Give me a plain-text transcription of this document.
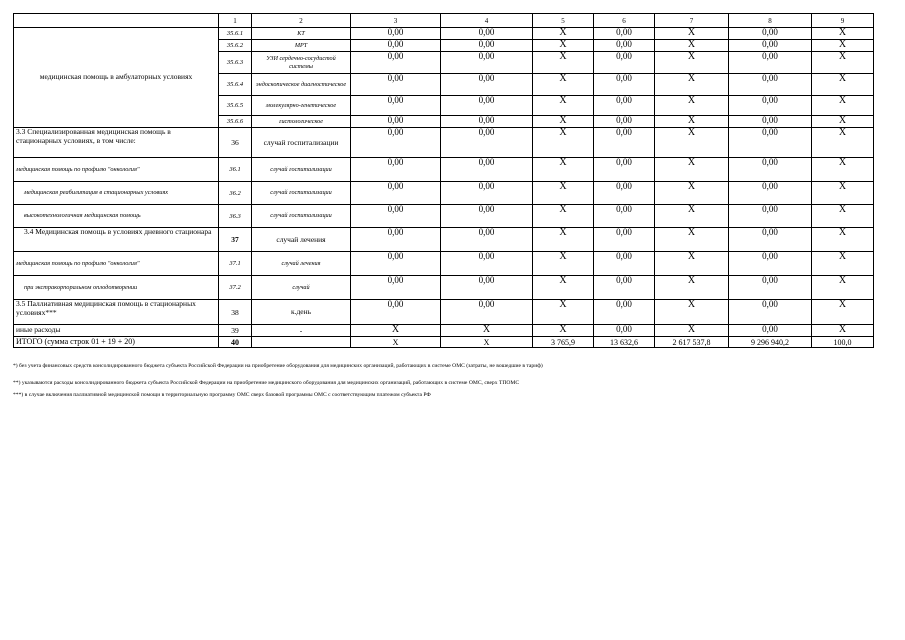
	1	2	3	4	5	6	7	8	9
медицинская помощь в амбулаторных условиях	35.6.1	КТ	0,00	0,00	X	0,00	X	0,00	X
	35.6.2	МРТ	0,00	0,00	X	0,00	X	0,00	X
	35.6.3	УЗИ сердечно-сосудистой системы	0,00	0,00	X	0,00	X	0,00	X
	35.6.4	эндоскопическое диагностическое	0,00	0,00	X	0,00	X	0,00	X
	35.6.5	молекулярно-генетическое	0,00	0,00	X	0,00	X	0,00	X
	35.6.6	гистологическое	0,00	0,00	X	0,00	X	0,00	X
3.3 Специализированная медицинская помощь в стационарных условиях, в том числе:	36	случай госпитализации	0,00	0,00	X	0,00	X	0,00	X
медицинская помощь по профилю "онкология"	36.1	случай госпитализации	0,00	0,00	X	0,00	X	0,00	X
медицинская реабилитация в стационарных условиях	36.2	случай госпитализации	0,00	0,00	X	0,00	X	0,00	X
высокотехнологичная медицинская помощь	36.3	случай госпитализации	0,00	0,00	X	0,00	X	0,00	X
3.4 Медицинская помощь в условиях дневного стационара	37	случай лечения	0,00	0,00	X	0,00	X	0,00	X
медицинская помощь по профилю "онкология"	37.1	случай лечения	0,00	0,00	X	0,00	X	0,00	X
при экстракорпоральном оплодотворении	37.2	случай	0,00	0,00	X	0,00	X	0,00	X
3.5 Паллиативная медицинская помощь в стационарных условиях***	38	к.день	0,00	0,00	X	0,00	X	0,00	X
иные расходы	39	-	X	X	X	0,00	X	0,00	X
ИТОГО (сумма строк 01 + 19 + 20)	40		X	X	3 765,9	13 632,6	2 617 537,8	9 296 940,2	100,0
*) без учета финансовых средств консолидированного бюджета субъекта Российской Федерации на приобретение оборудования для медицинских организаций, работающих в системе ОМС (затраты, не вошедшие в тариф)
**) указываются расходы консолидированного бюджета субъекта Российской Федерации на приобретение медицинского оборудования для медицинских организаций, работающих в системе ОМС, сверх ТПОМС
***) в случае включения паллиативной медицинской помощи в территориальную программу ОМС сверх базовой программы ОМС с соответствующим платежом субъекта РФ
